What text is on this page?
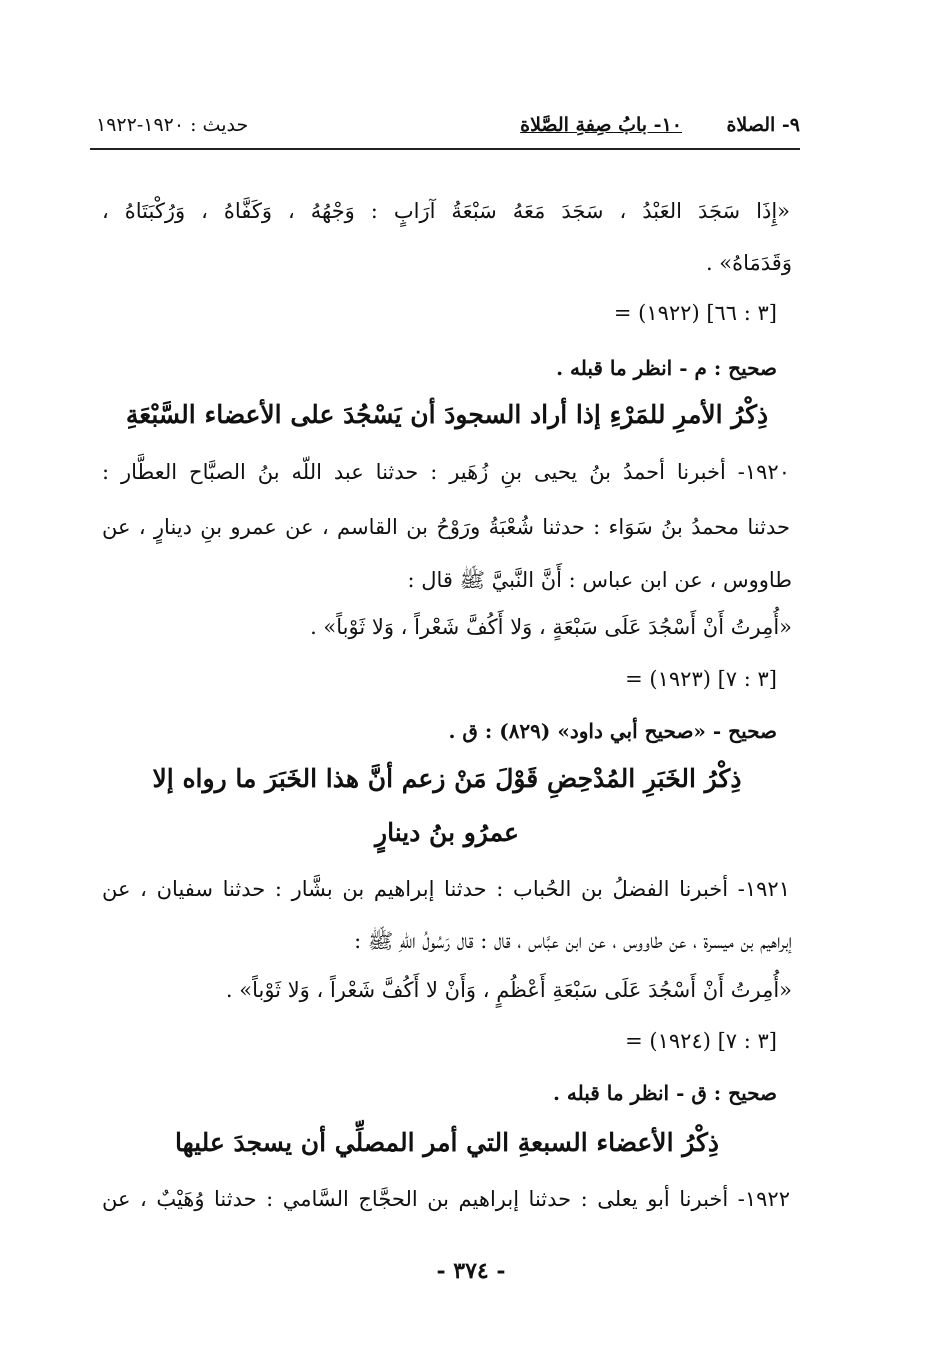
٩- الصلاة
١٠- بابُ صِفةِ الصَّلاة
حديث : ١٩٢٠-١٩٢٢
«إِذَا سَجَدَ العَبْدُ ، سَجَدَ مَعَهُ سَبْعَةُ آرَابٍ : وَجْهُهُ ، وَكَفَّاهُ ، وَرُكْبَتَاهُ ،
وَقَدَمَاهُ» .
= (١٩٢٢) [٣ : ٦٦]
صحيح : م - انظر ما قبله .
ذِكْرُ الأمرِ للمَرْءِ إذا أراد السجودَ أن يَسْجُدَ على الأعضاء السَّبْعَةِ
١٩٢٠- أخبرنا أحمدُ بنُ يحيى بنِ زُهَير : حدثنا عبد اللّه بنُ الصبَّاح العطَّار :
حدثنا محمدُ بنُ سَوَاء : حدثنا شُعْبَةُ ورَوْحُ بن القاسم ، عن عمرو بنِ دينارٍ ، عن
طاووس ، عن ابن عباس : أَنَّ النَّبيَّ ﷺ قال :
«أُمِرتُ أَنْ أَسْجُدَ عَلَى سَبْعَةٍ ، وَلا أَكُفَّ شَعْراً ، وَلا ثَوْباً» .
= (١٩٢٣) [٣ : ٧]
صحيح - «صحيح أبي داود» (٨٢٩) : ق .
ذِكْرُ الخَبَرِ المُدْحِضِ قَوْلَ مَنْ زعم أنَّ هذا الخَبَرَ ما رواه إلا
عمرُو بنُ دينارٍ
١٩٢١- أخبرنا الفضلُ بن الحُباب : حدثنا إبراهيم بن بشَّار : حدثنا سفيان ، عن
إبراهيم بن ميسرة ، عن طاووس ، عن ابن عبَّاس ، قال : قال رَسُولُ اللّهِ ﷺ :
«أُمِرتُ أَنْ أَسْجُدَ عَلَى سَبْعَةِ أَعْظُمٍ ، وَأَنْ لا أَكُفَّ شَعْراً ، وَلا ثَوْباً» .
= (١٩٢٤) [٣ : ٧]
صحيح : ق - انظر ما قبله .
ذِكْرُ الأعضاء السبعةِ التي أمر المصلِّي أن يسجدَ عليها
١٩٢٢- أخبرنا أبو يعلى : حدثنا إبراهيم بن الحجَّاج السَّامي : حدثنا وُهَيْبٌ ، عن
- ٣٧٤ -
